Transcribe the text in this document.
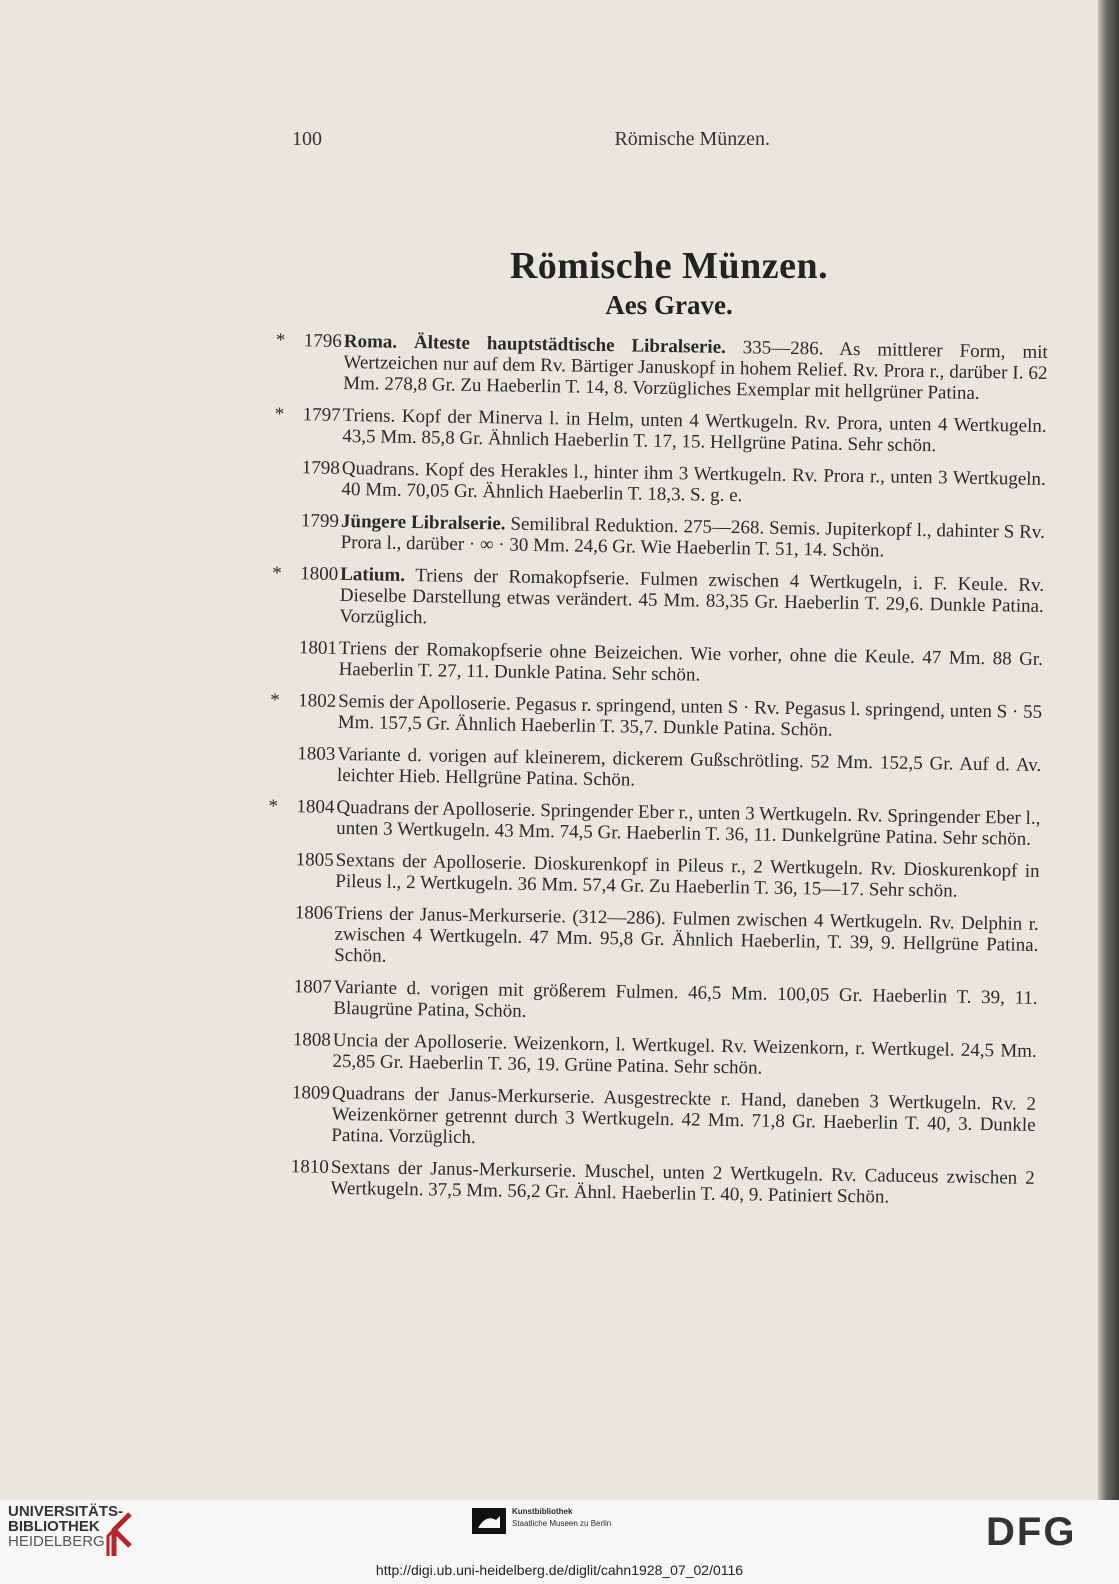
100	Römische Münzen.
Römische Münzen.
Aes Grave.
* 1796 Roma. Älteste hauptstädtische Libralserie. 335—286. As mittlerer Form, mit Wertzeichen nur auf dem Rv. Bärtiger Januskopf in hohem Relief. Rv. Prora r., darüber I. 62 Mm. 278,8 Gr. Zu Haeberlin T. 14, 8. Vorzügliches Exemplar mit hellgrüner Patina.
* 1797 Triens. Kopf der Minerva l. in Helm, unten 4 Wertkugeln. Rv. Prora, unten 4 Wertkugeln. 43,5 Mm. 85,8 Gr. Ähnlich Haeberlin T. 17, 15. Hellgrüne Patina. Sehr schön.
1798 Quadrans. Kopf des Herakles l., hinter ihm 3 Wertkugeln. Rv. Prora r., unten 3 Wertkugeln. 40 Mm. 70,05 Gr. Ähnlich Haeberlin T. 18,3. S. g. e.
1799 Jüngere Libralserie. Semilibral Reduktion. 275—268. Semis. Jupiterkopf l., dahinter S Rv. Prora l., darüber · ∞ · 30 Mm. 24,6 Gr. Wie Haeberlin T. 51, 14. Schön.
* 1800 Latium. Triens der Romakopfserie. Fulmen zwischen 4 Wertkugeln, i. F. Keule. Rv. Dieselbe Darstellung etwas verändert. 45 Mm. 83,35 Gr. Haeberlin T. 29,6. Dunkle Patina. Vorzüglich.
1801 Triens der Romakopfserie ohne Beizeichen. Wie vorher, ohne die Keule. 47 Mm. 88 Gr. Haeberlin T. 27, 11. Dunkle Patina. Sehr schön.
* 1802 Semis der Apolloserie. Pegasus r. springend, unten S · Rv. Pegasus l. springend, unten S · 55 Mm. 157,5 Gr. Ähnlich Haeberlin T. 35,7. Dunkle Patina. Schön.
1803 Variante d. vorigen auf kleinerem, dickerem Gußschrötling. 52 Mm. 152,5 Gr. Auf d. Av. leichter Hieb. Hellgrüne Patina. Schön.
* 1804 Quadrans der Apolloserie. Springender Eber r., unten 3 Wertkugeln. Rv. Springender Eber l., unten 3 Wertkugeln. 43 Mm. 74,5 Gr. Haeberlin T. 36, 11. Dunkelgrüne Patina. Sehr schön.
1805 Sextans der Apolloserie. Dioskurenkopf in Pileus r., 2 Wertkugeln. Rv. Dioskurenkopf in Pileus l., 2 Wertkugeln. 36 Mm. 57,4 Gr. Zu Haeberlin T. 36, 15—17. Sehr schön.
1806 Triens der Janus-Merkurserie. (312—286). Fulmen zwischen 4 Wertkugeln. Rv. Delphin r. zwischen 4 Wertkugeln. 47 Mm. 95,8 Gr. Ähnlich Haeberlin, T. 39, 9. Hellgrüne Patina. Schön.
1807 Variante d. vorigen mit größerem Fulmen. 46,5 Mm. 100,05 Gr. Haeberlin T. 39, 11. Blaugrüne Patina, Schön.
1808 Uncia der Apolloserie. Weizenkorn, l. Wertkugel. Rv. Weizenkorn, r. Wertkugel. 24,5 Mm. 25,85 Gr. Haeberlin T. 36, 19. Grüne Patina. Sehr schön.
1809 Quadrans der Janus-Merkurserie. Ausgestreckte r. Hand, daneben 3 Wertkugeln. Rv. 2 Weizenkörner getrennt durch 3 Wertkugeln. 42 Mm. 71,8 Gr. Haeberlin T. 40, 3. Dunkle Patina. Vorzüglich.
1810 Sextans der Janus-Merkurserie. Muschel, unten 2 Wertkugeln. Rv. Caduceus zwischen 2 Wertkugeln. 37,5 Mm. 56,2 Gr. Ähnl. Haeberlin T. 40, 9. Patiniert Schön.
UNIVERSITÄTS-
BIBLIOTHEK
HEIDELBERG
Kunstbibliothek
Staatliche Museen zu Berlin	DFG
http://digi.ub.uni-heidelberg.de/diglit/cahn1928_07_02/0116
